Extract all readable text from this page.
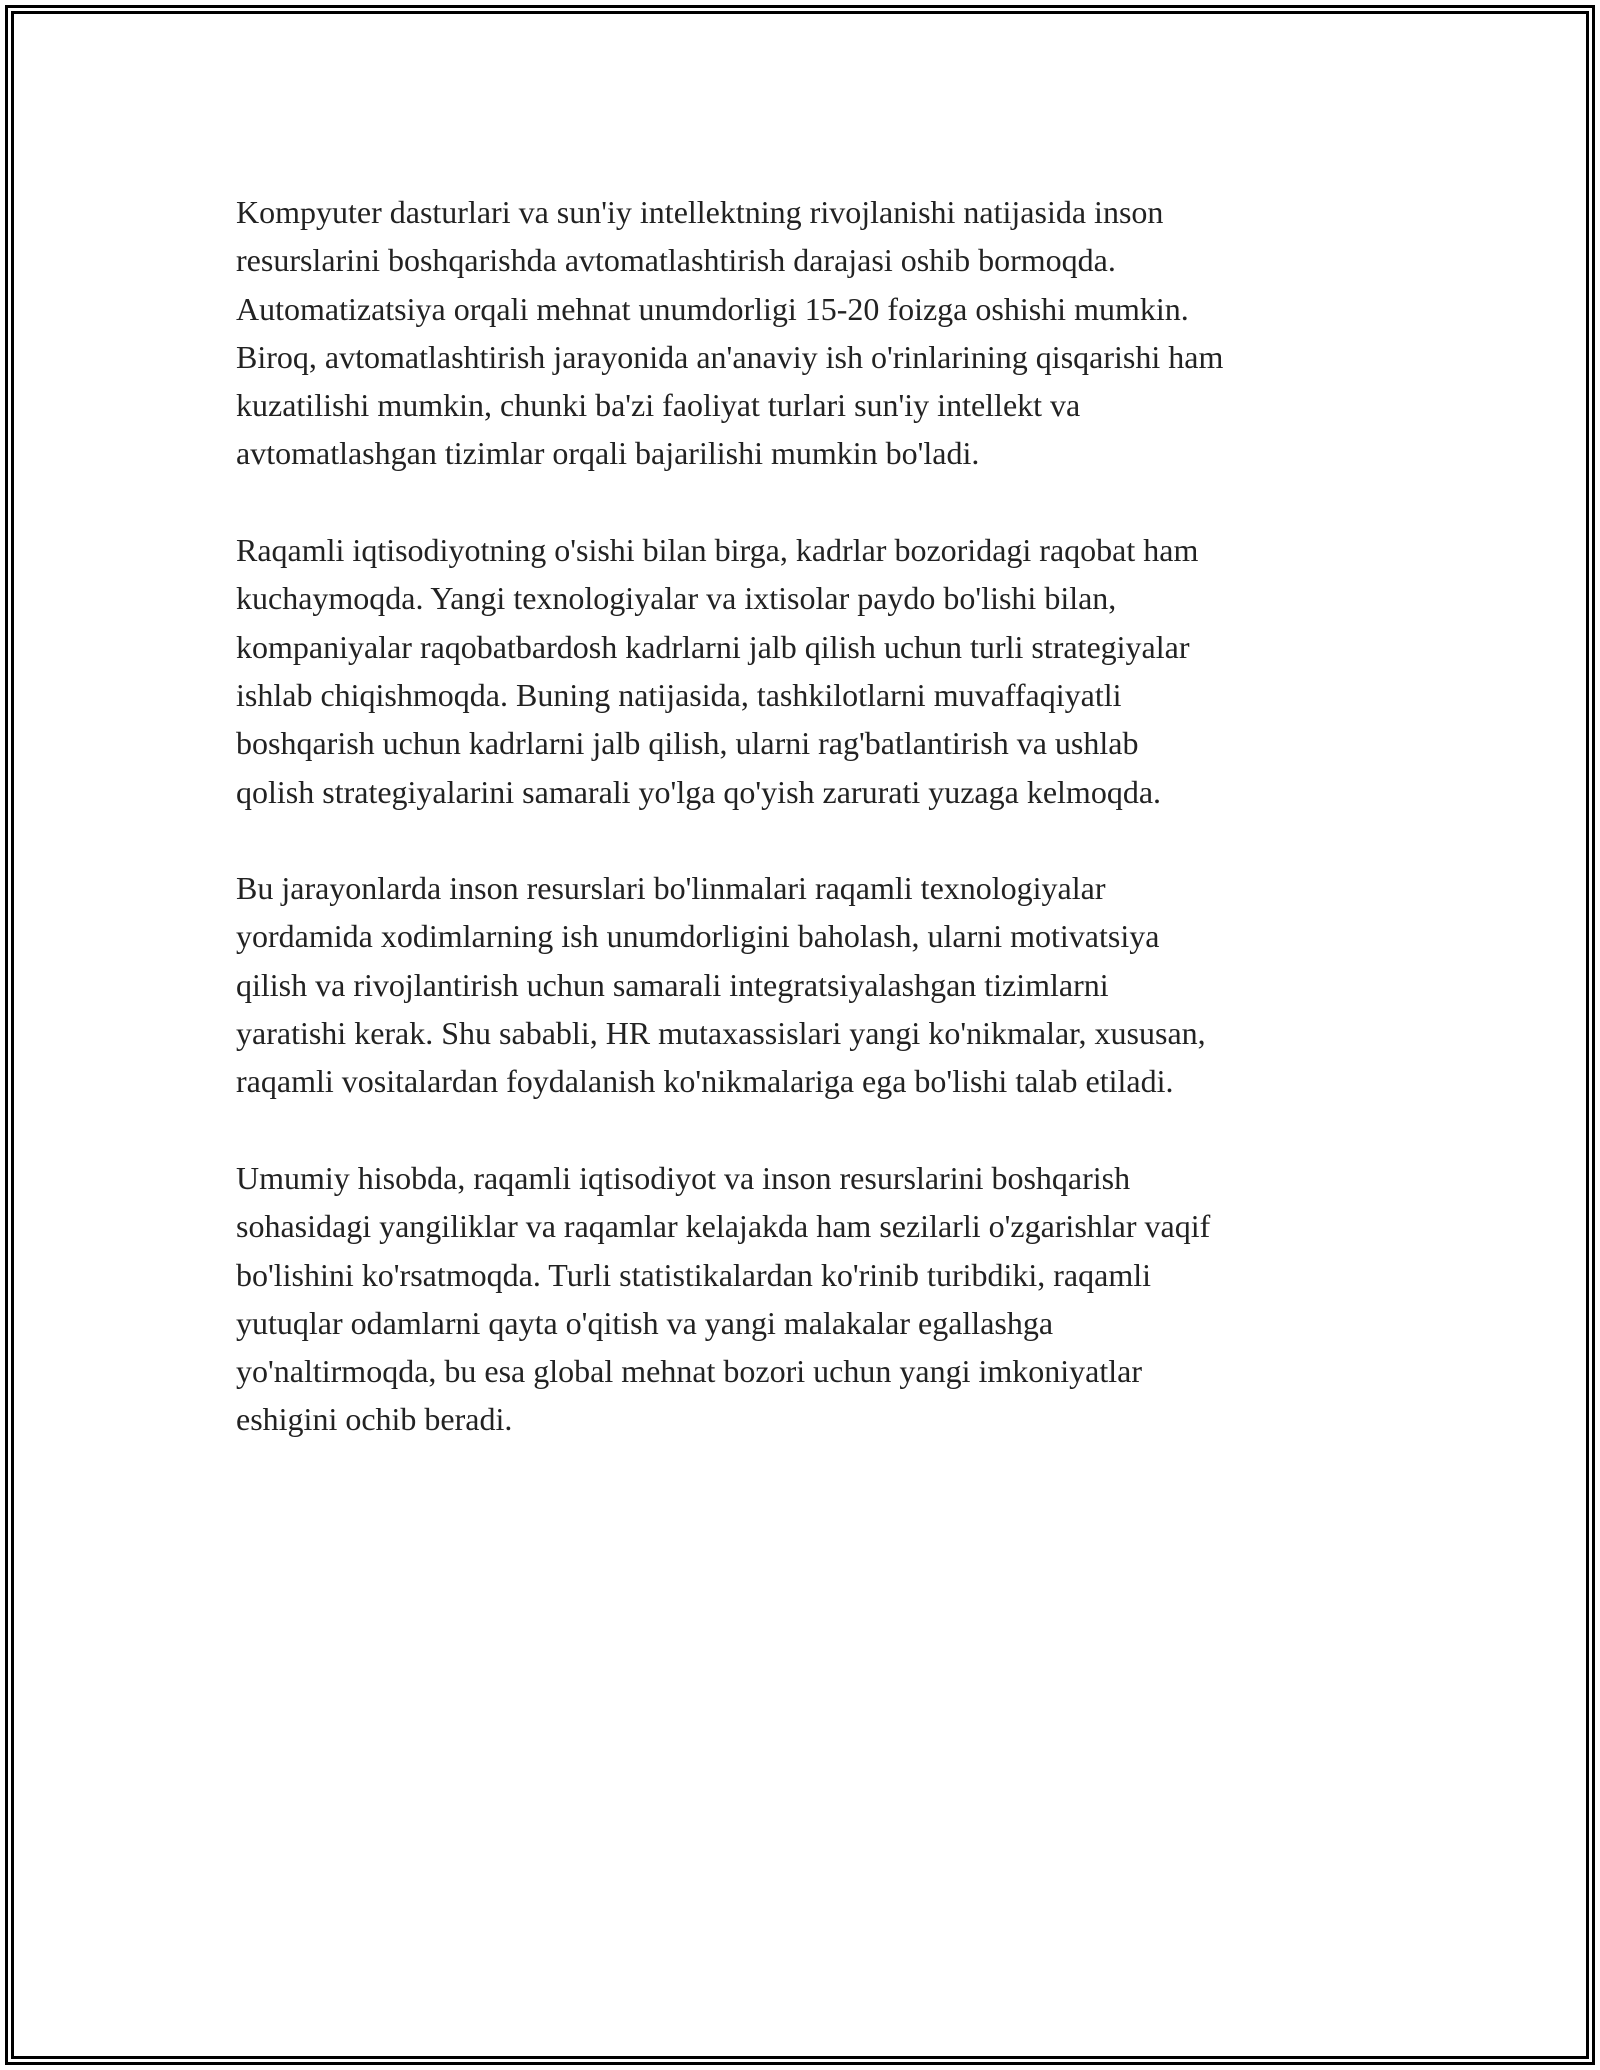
Kompyuter dasturlari va sun'iy intellektning rivojlanishi natijasida inson
resurslarini boshqarishda avtomatlashtirish darajasi oshib bormoqda.
Automatizatsiya orqali mehnat unumdorligi 15-20 foizga oshishi mumkin.
Biroq, avtomatlashtirish jarayonida an'anaviy ish o'rinlarining qisqarishi ham
kuzatilishi mumkin, chunki ba'zi faoliyat turlari sun'iy intellekt va
avtomatlashgan tizimlar orqali bajarilishi mumkin bo'ladi.

Raqamli iqtisodiyotning o'sishi bilan birga, kadrlar bozoridagi raqobat ham
kuchaymoqda. Yangi texnologiyalar va ixtisolar paydo bo'lishi bilan,
kompaniyalar raqobatbardosh kadrlarni jalb qilish uchun turli strategiyalar
ishlab chiqishmoqda. Buning natijasida, tashkilotlarni muvaffaqiyatli
boshqarish uchun kadrlarni jalb qilish, ularni rag'batlantirish va ushlab
qolish strategiyalarini samarali yo'lga qo'yish zarurati yuzaga kelmoqda.

Bu jarayonlarda inson resurslari bo'linmalari raqamli texnologiyalar
yordamida xodimlarning ish unumdorligini baholash, ularni motivatsiya
qilish va rivojlantirish uchun samarali integratsiyalashgan tizimlarni
yaratishi kerak. Shu sababli, HR mutaxassislari yangi ko'nikmalar, xususan,
raqamli vositalardan foydalanish ko'nikmalariga ega bo'lishi talab etiladi.

Umumiy hisobda, raqamli iqtisodiyot va inson resurslarini boshqarish
sohasidagi yangiliklar va raqamlar kelajakda ham sezilarli o'zgarishlar vaqif
bo'lishini ko'rsatmoqda. Turli statistikalardan ko'rinib turibdiki, raqamli
yutuqlar odamlarni qayta o'qitish va yangi malakalar egallashga
yo'naltirmoqda, bu esa global mehnat bozori uchun yangi imkoniyatlar
eshigini ochib beradi.
